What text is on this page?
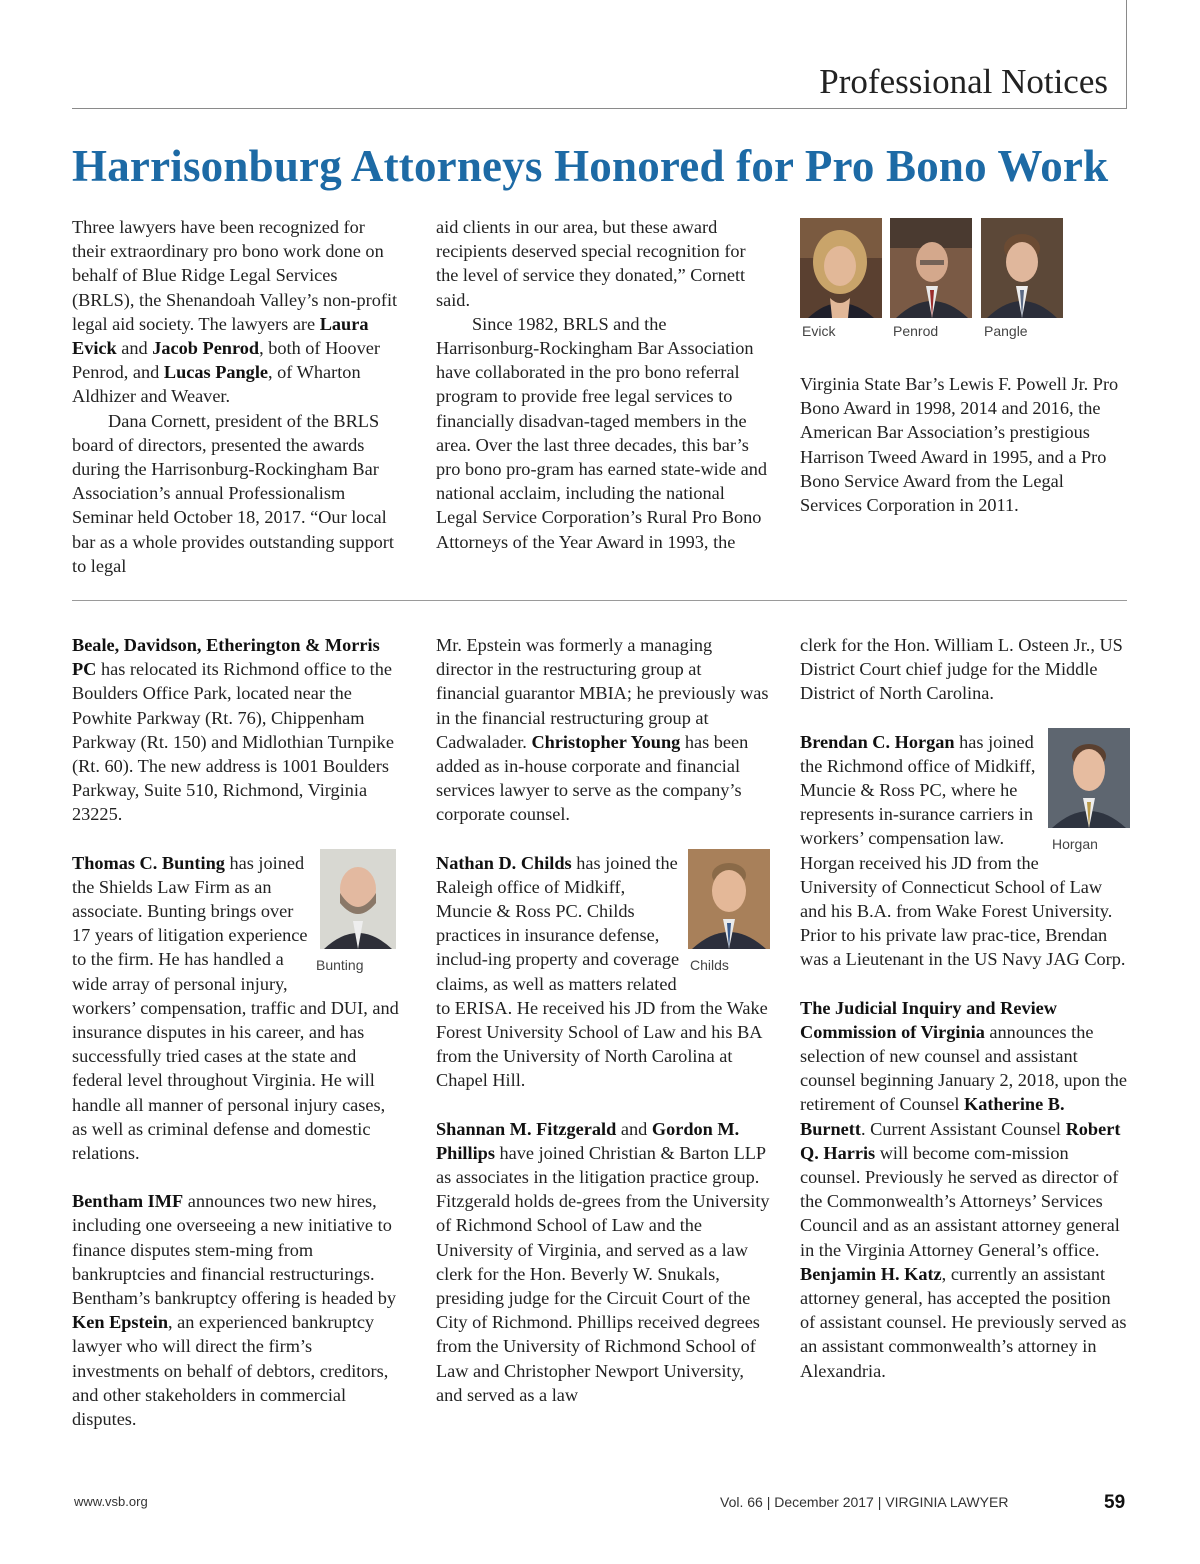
Professional Notices
Harrisonburg Attorneys Honored for Pro Bono Work

Three lawyers have been recognized for their extraordinary pro bono work done on behalf of Blue Ridge Legal Services (BRLS), the Shenandoah Valley’s non-profit legal aid society. The lawyers are Laura Evick and Jacob Penrod, both of Hoover Penrod, and Lucas Pangle, of Wharton Aldhizer and Weaver.

Dana Cornett, president of the BRLS board of directors, presented the awards during the Harrisonburg-Rockingham Bar Association’s annual Professionalism Seminar held October 18, 2017. “Our local bar as a whole provides outstanding support to legal

aid clients in our area, but these award recipients deserved special recognition for the level of service they donated,” Cornett said.

Since 1982, BRLS and the Harrisonburg-Rockingham Bar Association have collaborated in the pro bono referral program to provide free legal services to financially disadvan-taged members in the area. Over the last three decades, this bar’s pro bono pro-gram has earned state-wide and national acclaim, including the national Legal Service Corporation’s Rural Pro Bono Attorneys of the Year Award in 1993, the

Evick	Penrod	Pangle

Virginia State Bar’s Lewis F. Powell Jr. Pro Bono Award in 1998, 2014 and 2016, the American Bar Association’s prestigious Harrison Tweed Award in 1995, and a Pro Bono Service Award from the Legal Services Corporation in 2011.

Beale, Davidson, Etherington & Morris PC has relocated its Richmond office to the Boulders Office Park, located near the Powhite Parkway (Rt. 76), Chippenham Parkway (Rt. 150) and Midlothian Turnpike (Rt. 60). The new address is 1001 Boulders Parkway, Suite 510, Richmond, Virginia 23225.

Bunting

Thomas C. Bunting has joined the Shields Law Firm as an associate. Bunting brings over 17 years of litigation experience to the firm. He has handled a wide array of personal injury, workers’ compensation, traffic and DUI, and insurance disputes in his career, and has successfully tried cases at the state and federal level throughout Virginia. He will handle all manner of personal injury cases, as well as criminal defense and domestic relations.

Bentham IMF announces two new hires, including one overseeing a new initiative to finance disputes stem-ming from bankruptcies and financial restructurings. Bentham’s bankruptcy offering is headed by Ken Epstein, an experienced bankruptcy lawyer who will direct the firm’s investments on behalf of debtors, creditors, and other stakeholders in commercial disputes.

Mr. Epstein was formerly a managing director in the restructuring group at financial guarantor MBIA; he previously was in the financial restructuring group at Cadwalader. Christopher Young has been added as in-house corporate and financial services lawyer to serve as the company’s corporate counsel.

Childs

Nathan D. Childs has joined the Raleigh office of Midkiff, Muncie & Ross PC. Childs practices in insurance defense, includ-ing property and coverage claims, as well as matters related to ERISA. He received his JD from the Wake Forest University School of Law and his BA from the University of North Carolina at Chapel Hill.

Shannan M. Fitzgerald and Gordon M. Phillips have joined Christian & Barton LLP as associates in the litigation practice group. Fitzgerald holds de-grees from the University of Richmond School of Law and the University of Virginia, and served as a law clerk for the Hon. Beverly W. Snukals, presiding judge for the Circuit Court of the City of Richmond. Phillips received degrees from the University of Richmond School of Law and Christopher Newport University, and served as a law

clerk for the Hon. William L. Osteen Jr., US District Court chief judge for the Middle District of North Carolina.

Horgan

Brendan C. Horgan has joined the Richmond office of Midkiff, Muncie & Ross PC, where he represents in-surance carriers in workers’ compensation law. Horgan received his JD from the University of Connecticut School of Law and his B.A. from Wake Forest University. Prior to his private law prac-tice, Brendan was a Lieutenant in the US Navy JAG Corp.

The Judicial Inquiry and Review Commission of Virginia announces the selection of new counsel and assistant counsel beginning January 2, 2018, upon the retirement of Counsel Katherine B. Burnett. Current Assistant Counsel Robert Q. Harris will become com-mission counsel. Previously he served as director of the Commonwealth’s Attorneys’ Services Council and as an assistant attorney general in the Virginia Attorney General’s office. Benjamin H. Katz, currently an assistant attorney general, has accepted the position of assistant counsel. He previously served as an assistant commonwealth’s attorney in Alexandria.

www.vsb.org	Vol. 66 | December 2017 | VIRGINIA LAWYER	59
